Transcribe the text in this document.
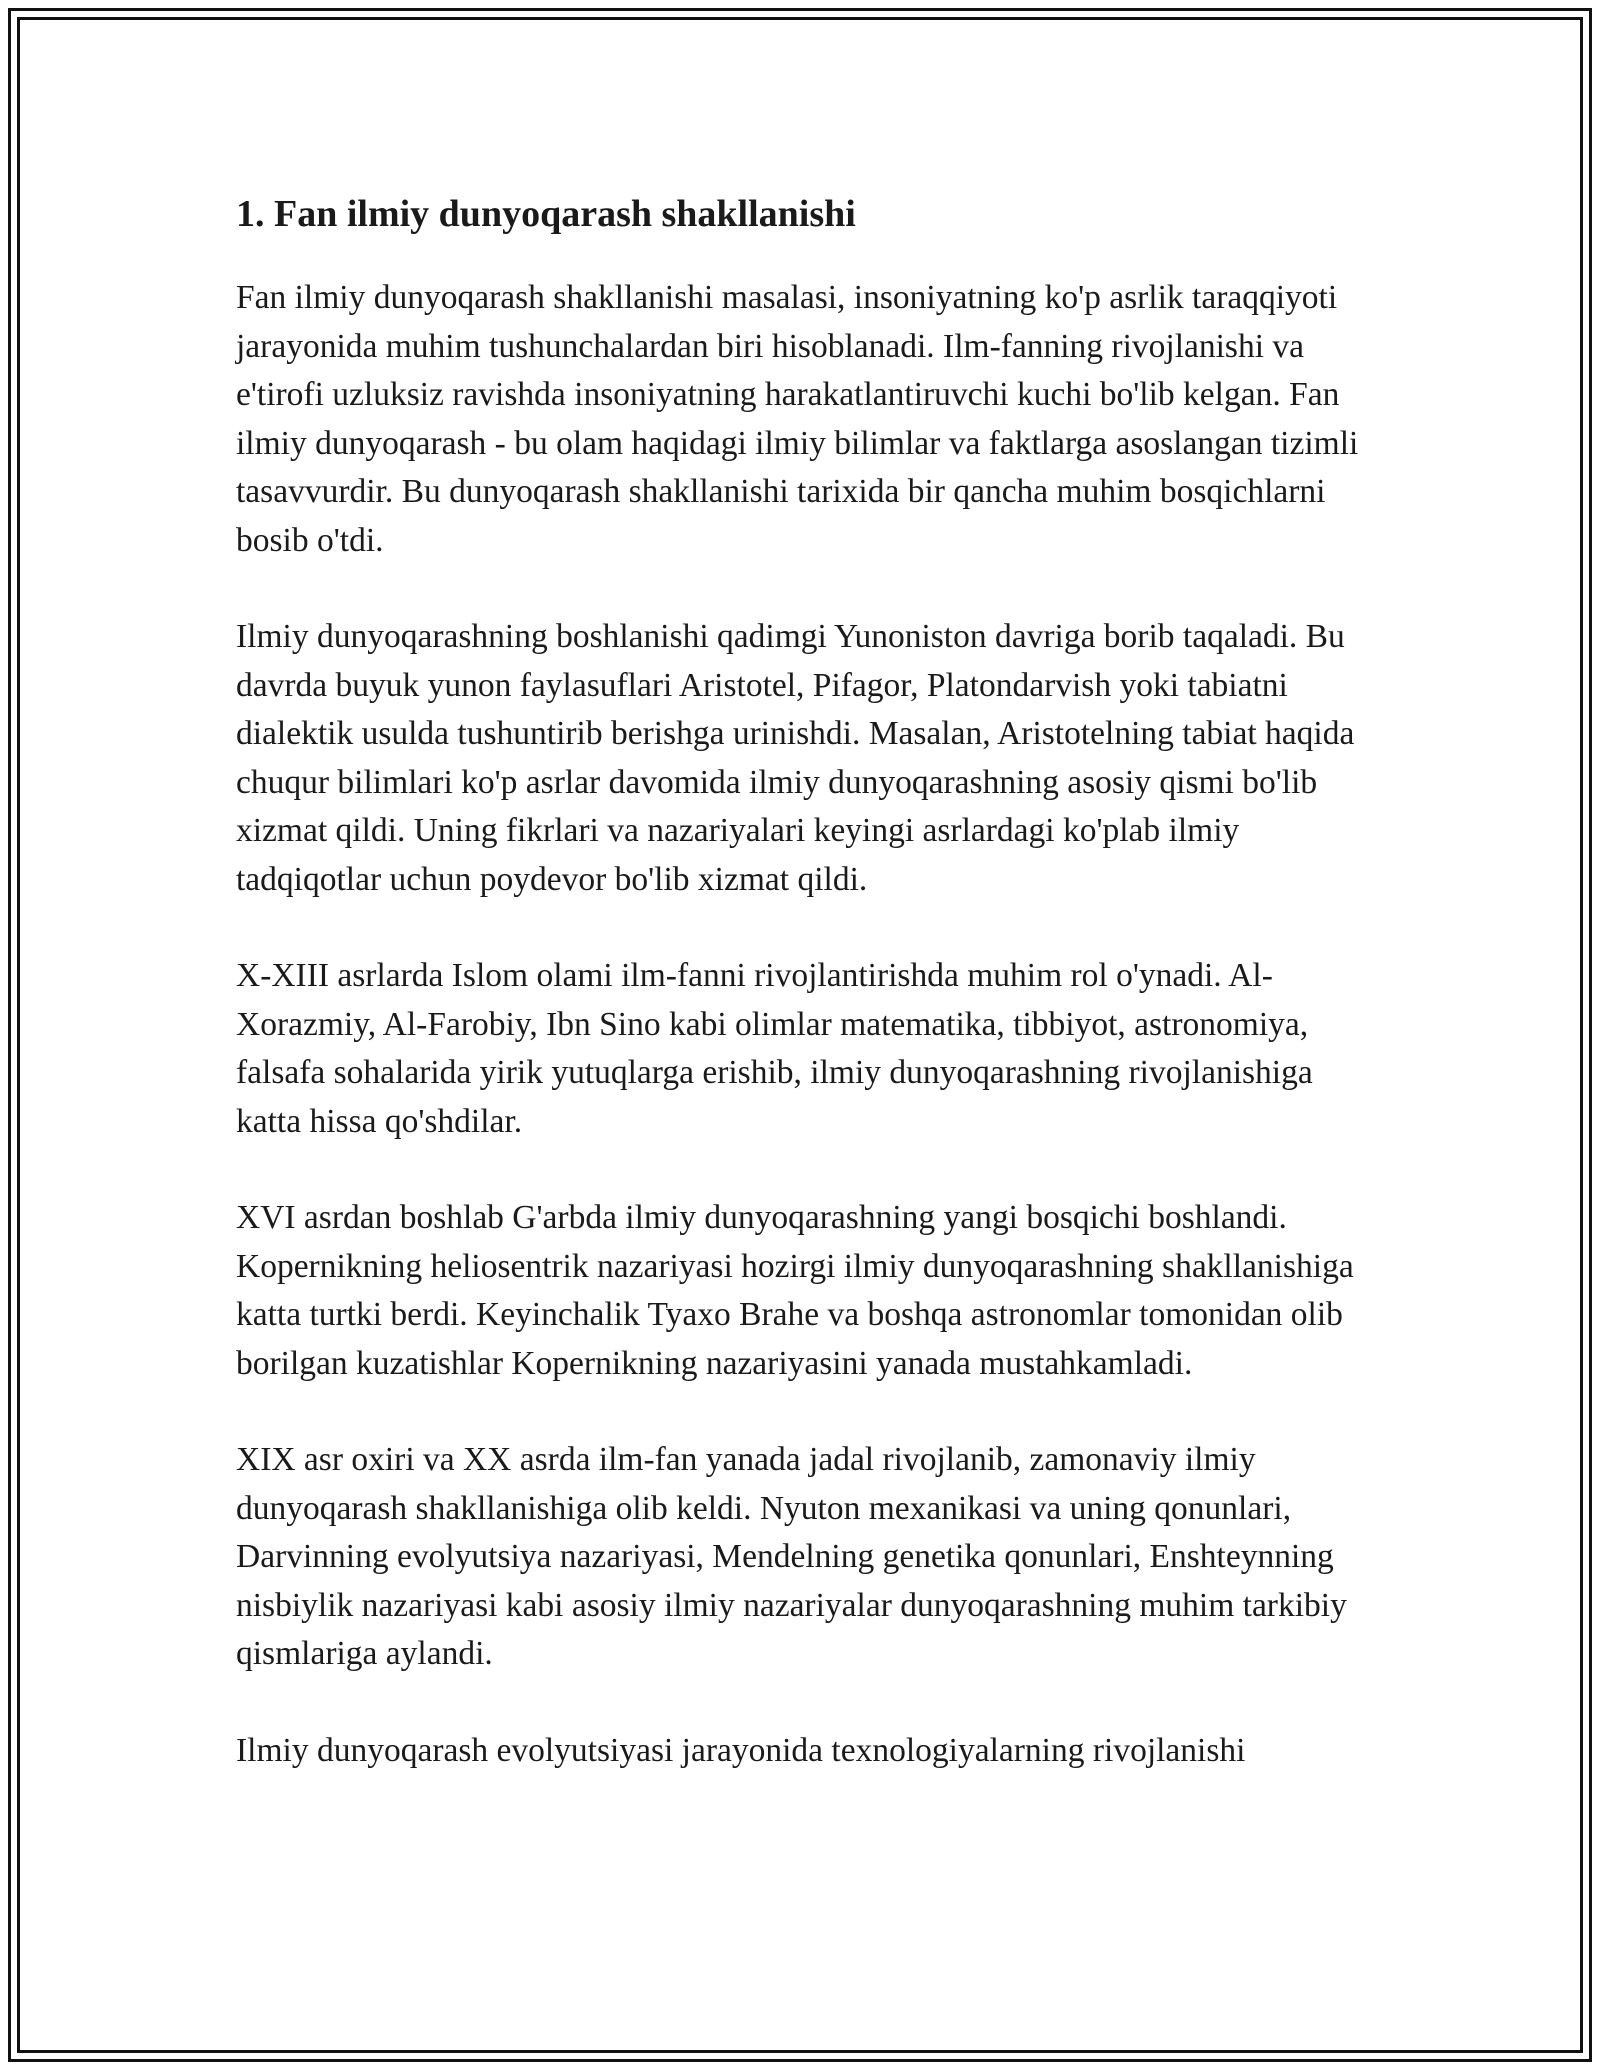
1. Fan ilmiy dunyoqarash shakllanishi

Fan ilmiy dunyoqarash shakllanishi masalasi, insoniyatning ko'p asrlik taraqqiyoti jarayonida muhim tushunchalardan biri hisoblanadi. Ilm-fanning rivojlanishi va e'tirofi uzluksiz ravishda insoniyatning harakatlantiruvchi kuchi bo'lib kelgan. Fan ilmiy dunyoqarash - bu olam haqidagi ilmiy bilimlar va faktlarga asoslangan tizimli tasavvurdir. Bu dunyoqarash shakllanishi tarixida bir qancha muhim bosqichlarni bosib o'tdi.

Ilmiy dunyoqarashning boshlanishi qadimgi Yunoniston davriga borib taqaladi. Bu davrda buyuk yunon faylasuflari Aristotel, Pifagor, Platondarvish yoki tabiatni dialektik usulda tushuntirib berishga urinishdi. Masalan, Aristotelning tabiat haqida chuqur bilimlari ko'p asrlar davomida ilmiy dunyoqarashning asosiy qismi bo'lib xizmat qildi. Uning fikrlari va nazariyalari keyingi asrlardagi ko'plab ilmiy tadqiqotlar uchun poydevor bo'lib xizmat qildi.

X-XIII asrlarda Islom olami ilm-fanni rivojlantirishda muhim rol o'ynadi. Al-Xorazmiy, Al-Farobiy, Ibn Sino kabi olimlar matematika, tibbiyot, astronomiya, falsafa sohalarida yirik yutuqlarga erishib, ilmiy dunyoqarashning rivojlanishiga katta hissa qo'shdilar.

XVI asrdan boshlab G'arbda ilmiy dunyoqarashning yangi bosqichi boshlandi. Kopernikning heliosentrik nazariyasi hozirgi ilmiy dunyoqarashning shakllanishiga katta turtki berdi. Keyinchalik Tyaxo Brahe va boshqa astronomlar tomonidan olib borilgan kuzatishlar Kopernikning nazariyasini yanada mustahkamladi.

XIX asr oxiri va XX asrda ilm-fan yanada jadal rivojlanib, zamonaviy ilmiy dunyoqarash shakllanishiga olib keldi. Nyuton mexanikasi va uning qonunlari, Darvinning evolyutsiya nazariyasi, Mendelning genetika qonunlari, Enshteynning nisbiylik nazariyasi kabi asosiy ilmiy nazariyalar dunyoqarashning muhim tarkibiy qismlariga aylandi.

Ilmiy dunyoqarash evolyutsiyasi jarayonida texnologiyalarning rivojlanishi
